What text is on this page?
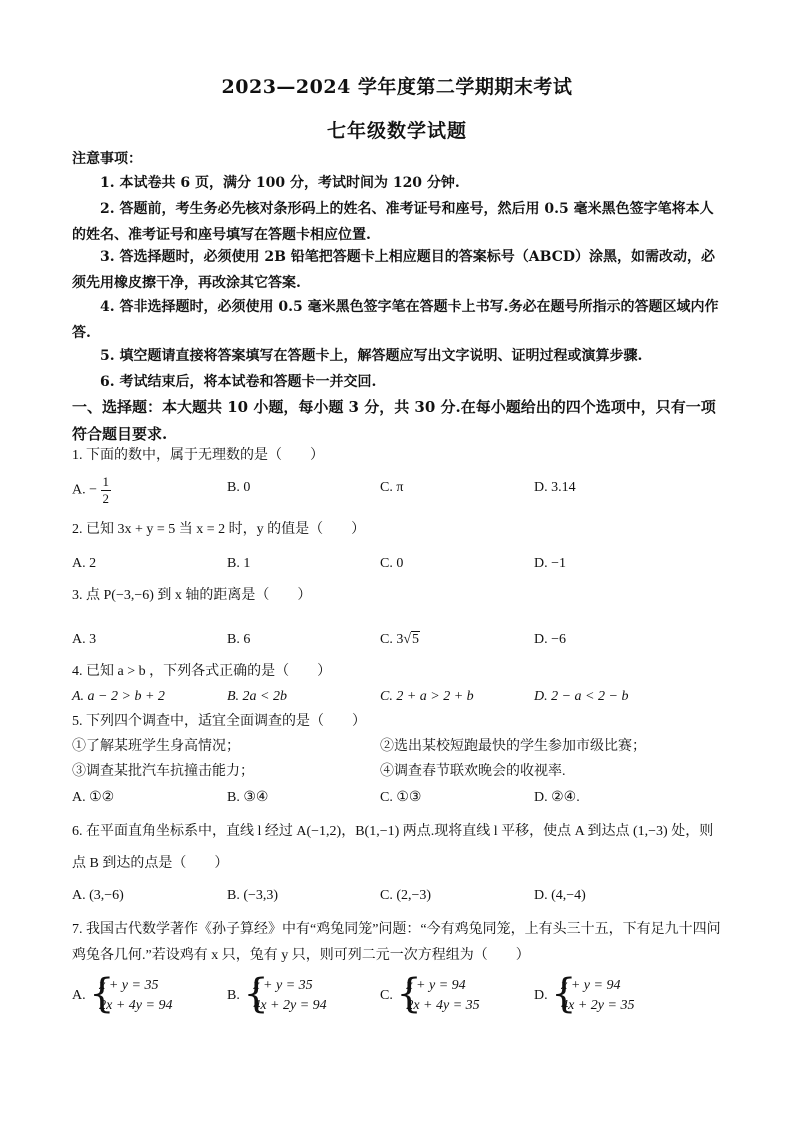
2023—2024 学年度第二学期期末考试
七年级数学试题
注意事项：
1. 本试卷共 6 页，满分 100 分，考试时间为 120 分钟.
2. 答题前，考生务必先核对条形码上的姓名、准考证号和座号，然后用 0.5 毫米黑色签字笔将本人的姓名、准考证号和座号填写在答题卡相应位置.
3. 答选择题时，必须使用 2B 铅笔把答题卡上相应题目的答案标号（ABCD）涂黑，如需改动，必须先用橡皮擦干净，再改涂其它答案.
4. 答非选择题时，必须使用 0.5 毫米黑色签字笔在答题卡上书写.务必在题号所指示的答题区域内作答.
5. 填空题请直接将答案填写在答题卡上，解答题应写出文字说明、证明过程或演算步骤.
6. 考试结束后，将本试卷和答题卡一并交回.
一、选择题：本大题共 10 小题，每小题 3 分，共 30 分.在每小题给出的四个选项中，只有一项符合题目要求.
1. 下面的数中，属于无理数的是（　　）
A. − $\frac{1}{2}$	B. 0	C. π	D. 3.14
2. 已知 3x + y = 5 当 x = 2 时，y 的值是（　　）
A. 2	B. 1	C. 0	D. −1
3. 点 P(−3,−6) 到 x 轴的距离是（　　）
A. 3	B. 6	C. 3√5	D. −6
4. 已知 a > b ，下列各式正确的是（　　）
A. a − 2 > b + 2	B. 2a < 2b	C. 2 + a > 2 + b	D. 2 − a < 2 − b
5. 下列四个调查中，适宜全面调查的是（　　）
①了解某班学生身高情况；	②选出某校短跑最快的学生参加市级比赛；
③调查某批汽车抗撞击能力；	④调查春节联欢晚会的收视率.
A. ①②	B. ③④	C. ①③	D. ②④.
6. 在平面直角坐标系中，直线 l 经过 A(−1,2)，B(1,−1) 两点.现将直线 l 平移，使点 A 到达点 (1,−3) 处，则点 B 到达的点是（　　）
A. (3,−6)	B. (−3,3)	C. (2,−3)	D. (4,−4)
7. 我国古代数学著作《孙子算经》中有“鸡兔同笼”问题：“今有鸡兔同笼，上有头三十五，下有足九十四问鸡兔各几何.”若设鸡有 x 只，兔有 y 只，则可列二元一次方程组为（　　）
A. {
x + y = 35
2x + 4y = 94
B. {
x + y = 35
4x + 2y = 94
C. {
x + y = 94
2x + 4y = 35
D. {
x + y = 94
4x + 2y = 35
